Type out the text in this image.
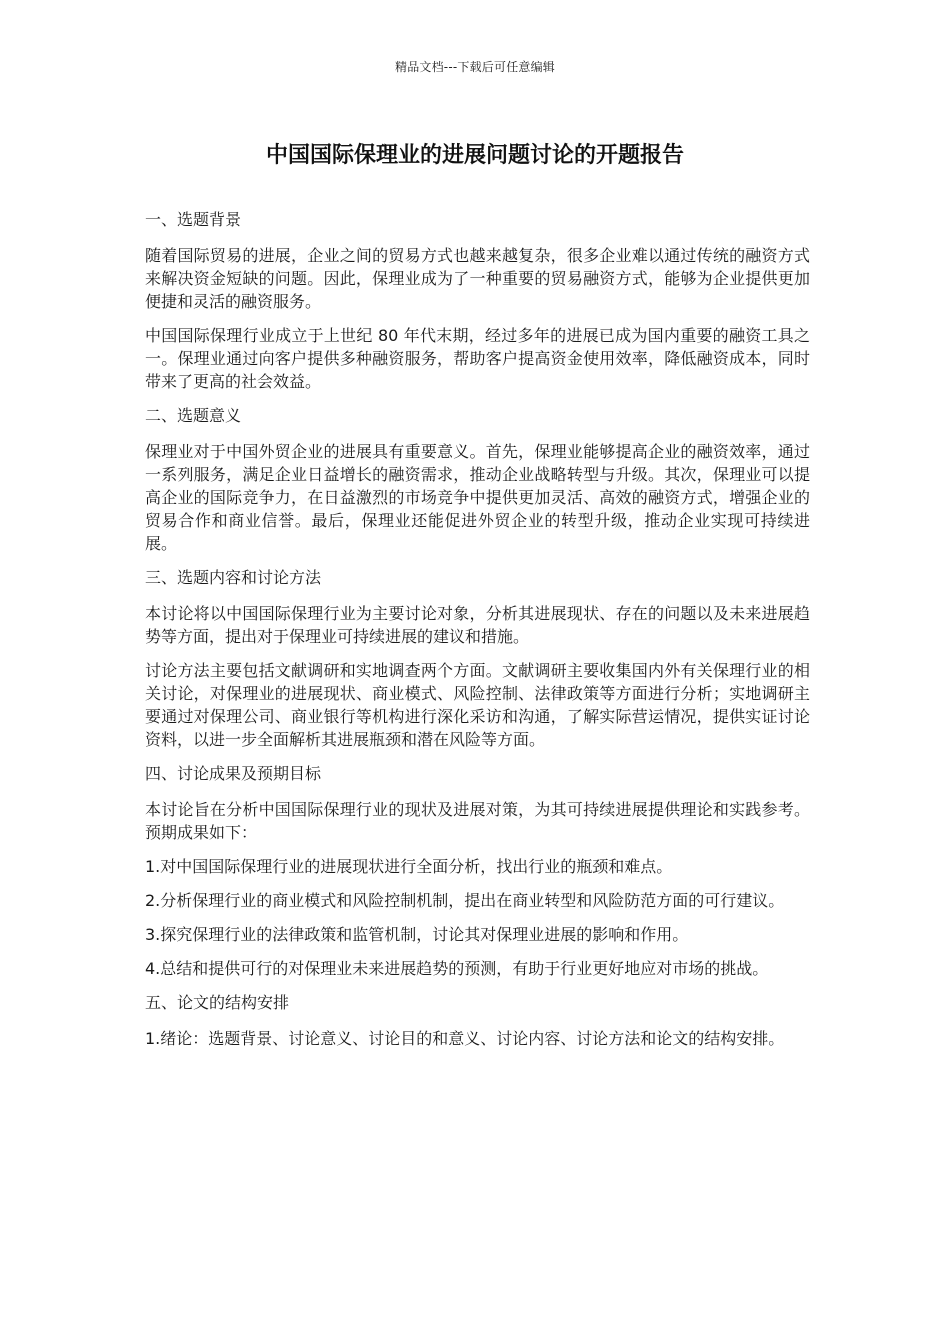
精品文档---下载后可任意编辑
中国国际保理业的进展问题讨论的开题报告

一、选题背景

随着国际贸易的进展，企业之间的贸易方式也越来越复杂，很多企业难以通过传统的融资方式来解决资金短缺的问题。因此，保理业成为了一种重要的贸易融资方式，能够为企业提供更加便捷和灵活的融资服务。

中国国际保理行业成立于上世纪 80 年代末期，经过多年的进展已成为国内重要的融资工具之一。保理业通过向客户提供多种融资服务，帮助客户提高资金使用效率，降低融资成本，同时带来了更高的社会效益。

二、选题意义

保理业对于中国外贸企业的进展具有重要意义。首先，保理业能够提高企业的融资效率，通过一系列服务，满足企业日益增长的融资需求，推动企业战略转型与升级。其次，保理业可以提高企业的国际竞争力，在日益激烈的市场竞争中提供更加灵活、高效的融资方式，增强企业的贸易合作和商业信誉。最后，保理业还能促进外贸企业的转型升级，推动企业实现可持续进展。

三、选题内容和讨论方法

本讨论将以中国国际保理行业为主要讨论对象，分析其进展现状、存在的问题以及未来进展趋势等方面，提出对于保理业可持续进展的建议和措施。

讨论方法主要包括文献调研和实地调查两个方面。文献调研主要收集国内外有关保理行业的相关讨论，对保理业的进展现状、商业模式、风险控制、法律政策等方面进行分析；实地调研主要通过对保理公司、商业银行等机构进行深化采访和沟通，了解实际营运情况，提供实证讨论资料，以进一步全面解析其进展瓶颈和潜在风险等方面。

四、讨论成果及预期目标

本讨论旨在分析中国国际保理行业的现状及进展对策，为其可持续进展提供理论和实践参考。预期成果如下：

1.对中国国际保理行业的进展现状进行全面分析，找出行业的瓶颈和难点。

2.分析保理行业的商业模式和风险控制机制，提出在商业转型和风险防范方面的可行建议。

3.探究保理行业的法律政策和监管机制，讨论其对保理业进展的影响和作用。

4.总结和提供可行的对保理业未来进展趋势的预测，有助于行业更好地应对市场的挑战。

五、论文的结构安排

1.绪论：选题背景、讨论意义、讨论目的和意义、讨论内容、讨论方法和论文的结构安排。
